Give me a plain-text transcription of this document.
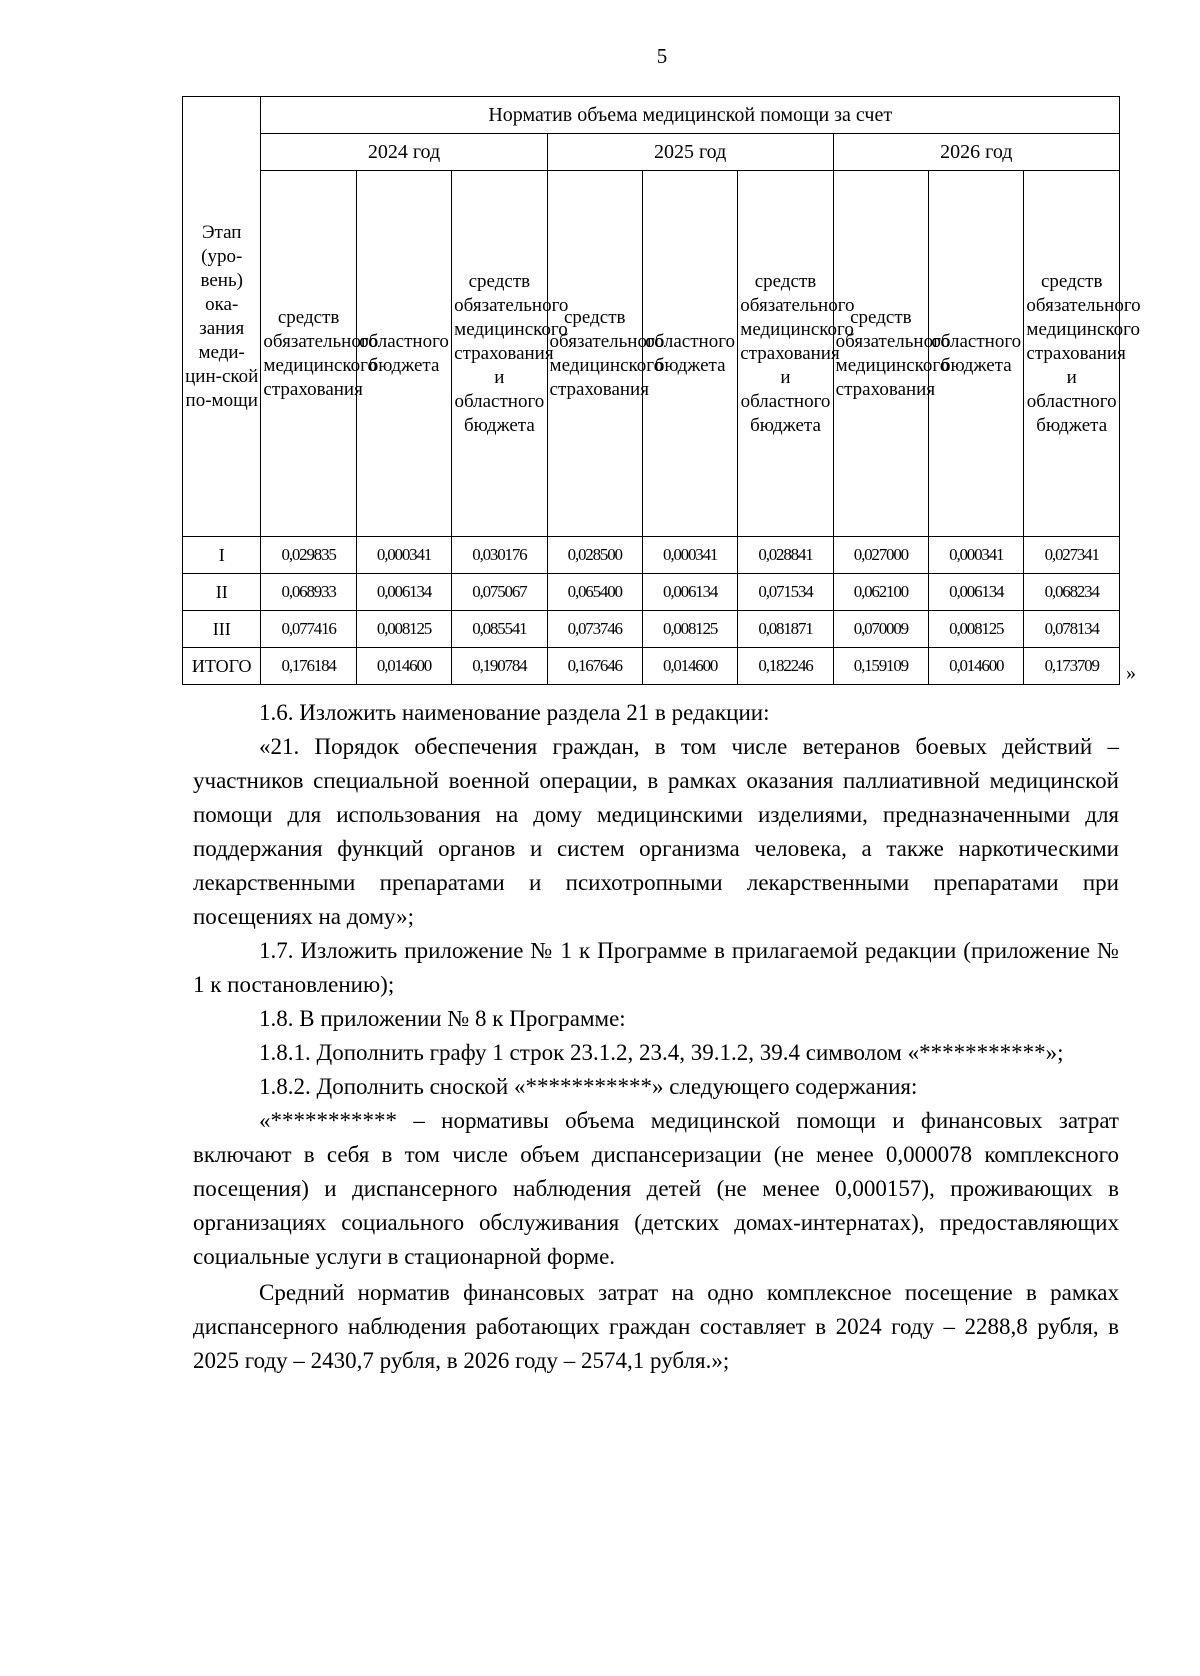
5
Этап (уро-вень) ока-зания меди-цин-ской по-мощи	Норматив объема медицинской помощи за счет								
	2024 год			2025 год			2026 год		
	средств обязательного медицинского страхования	областного бюджета	средств обязательного медицинского страхования и областного бюджета	средств обязательного медицинского страхования	областного бюджета	средств обязательного медицинского страхования и областного бюджета	средств обязательного медицинского страхования	областного бюджета	средств обязательного медицинского страхования и областного бюджета
I	0,029835	0,000341	0,030176	0,028500	0,000341	0,028841	0,027000	0,000341	0,027341
II	0,068933	0,006134	0,075067	0,065400	0,006134	0,071534	0,062100	0,006134	0,068234
III	0,077416	0,008125	0,085541	0,073746	0,008125	0,081871	0,070009	0,008125	0,078134
ИТОГО	0,176184	0,014600	0,190784	0,167646	0,014600	0,182246	0,159109	0,014600	0,173709 »

1.6. Изложить наименование раздела 21 в редакции:

«21. Порядок обеспечения граждан, в том числе ветеранов боевых действий – участников специальной военной операции, в рамках оказания паллиативной медицинской помощи для использования на дому медицинскими изделиями, предназначенными для поддержания функций органов и систем организма человека, а также наркотическими лекарственными препаратами и психотропными лекарственными препаратами при посещениях на дому»;

1.7. Изложить приложение № 1 к Программе в прилагаемой редакции (приложение № 1 к постановлению);

1.8. В приложении № 8 к Программе:

1.8.1. Дополнить графу 1 строк 23.1.2, 23.4, 39.1.2, 39.4 символом «***********»;

1.8.2. Дополнить сноской «***********» следующего содержания:

«*********** – нормативы объема медицинской помощи и финансовых затрат включают в себя в том числе объем диспансеризации (не менее 0,000078 комплексного посещения) и диспансерного наблюдения детей (не менее 0,000157), проживающих в организациях социального обслуживания (детских домах-интернатах), предоставляющих социальные услуги в стационарной форме.

Средний норматив финансовых затрат на одно комплексное посещение в рамках диспансерного наблюдения работающих граждан составляет в 2024 году – 2288,8 рубля, в 2025 году – 2430,7 рубля, в 2026 году – 2574,1 рубля.»;
